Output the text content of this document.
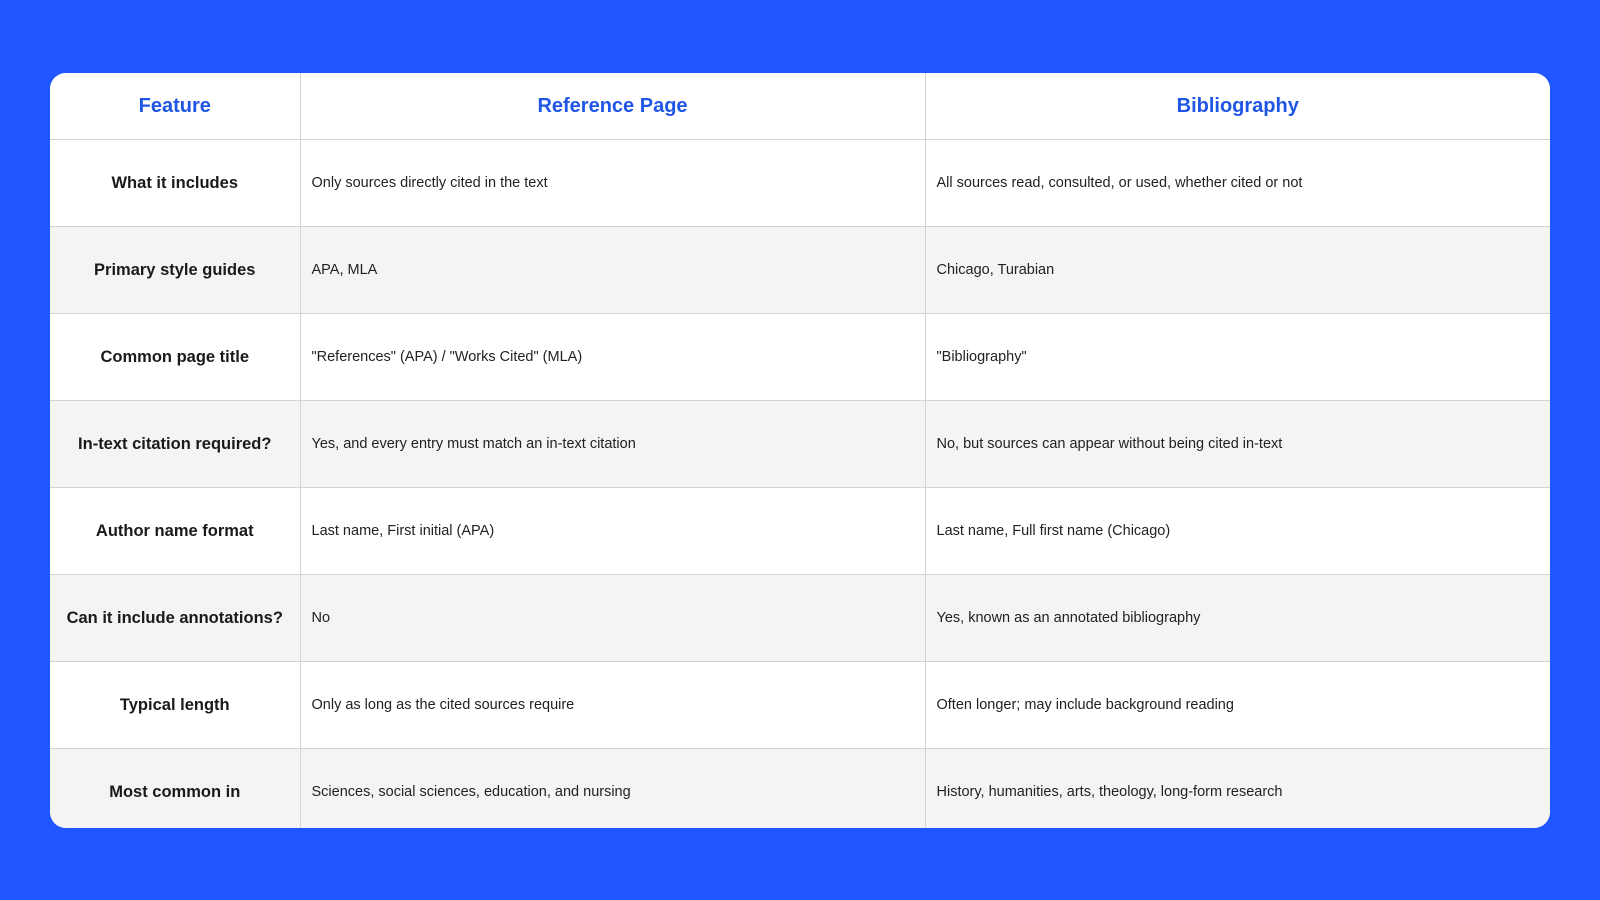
Feature	Reference Page	Bibliography
What it includes	Only sources directly cited in the text	All sources read, consulted, or used, whether cited or not
Primary style guides	APA, MLA	Chicago, Turabian
Common page title	"References" (APA) / "Works Cited" (MLA)	"Bibliography"
In-text citation required?	Yes, and every entry must match an in-text citation	No, but sources can appear without being cited in-text
Author name format	Last name, First initial (APA)	Last name, Full first name (Chicago)
Can it include annotations?	No	Yes, known as an annotated bibliography
Typical length	Only as long as the cited sources require	Often longer; may include background reading
Most common in	Sciences, social sciences, education, and nursing	History, humanities, arts, theology, long-form research
